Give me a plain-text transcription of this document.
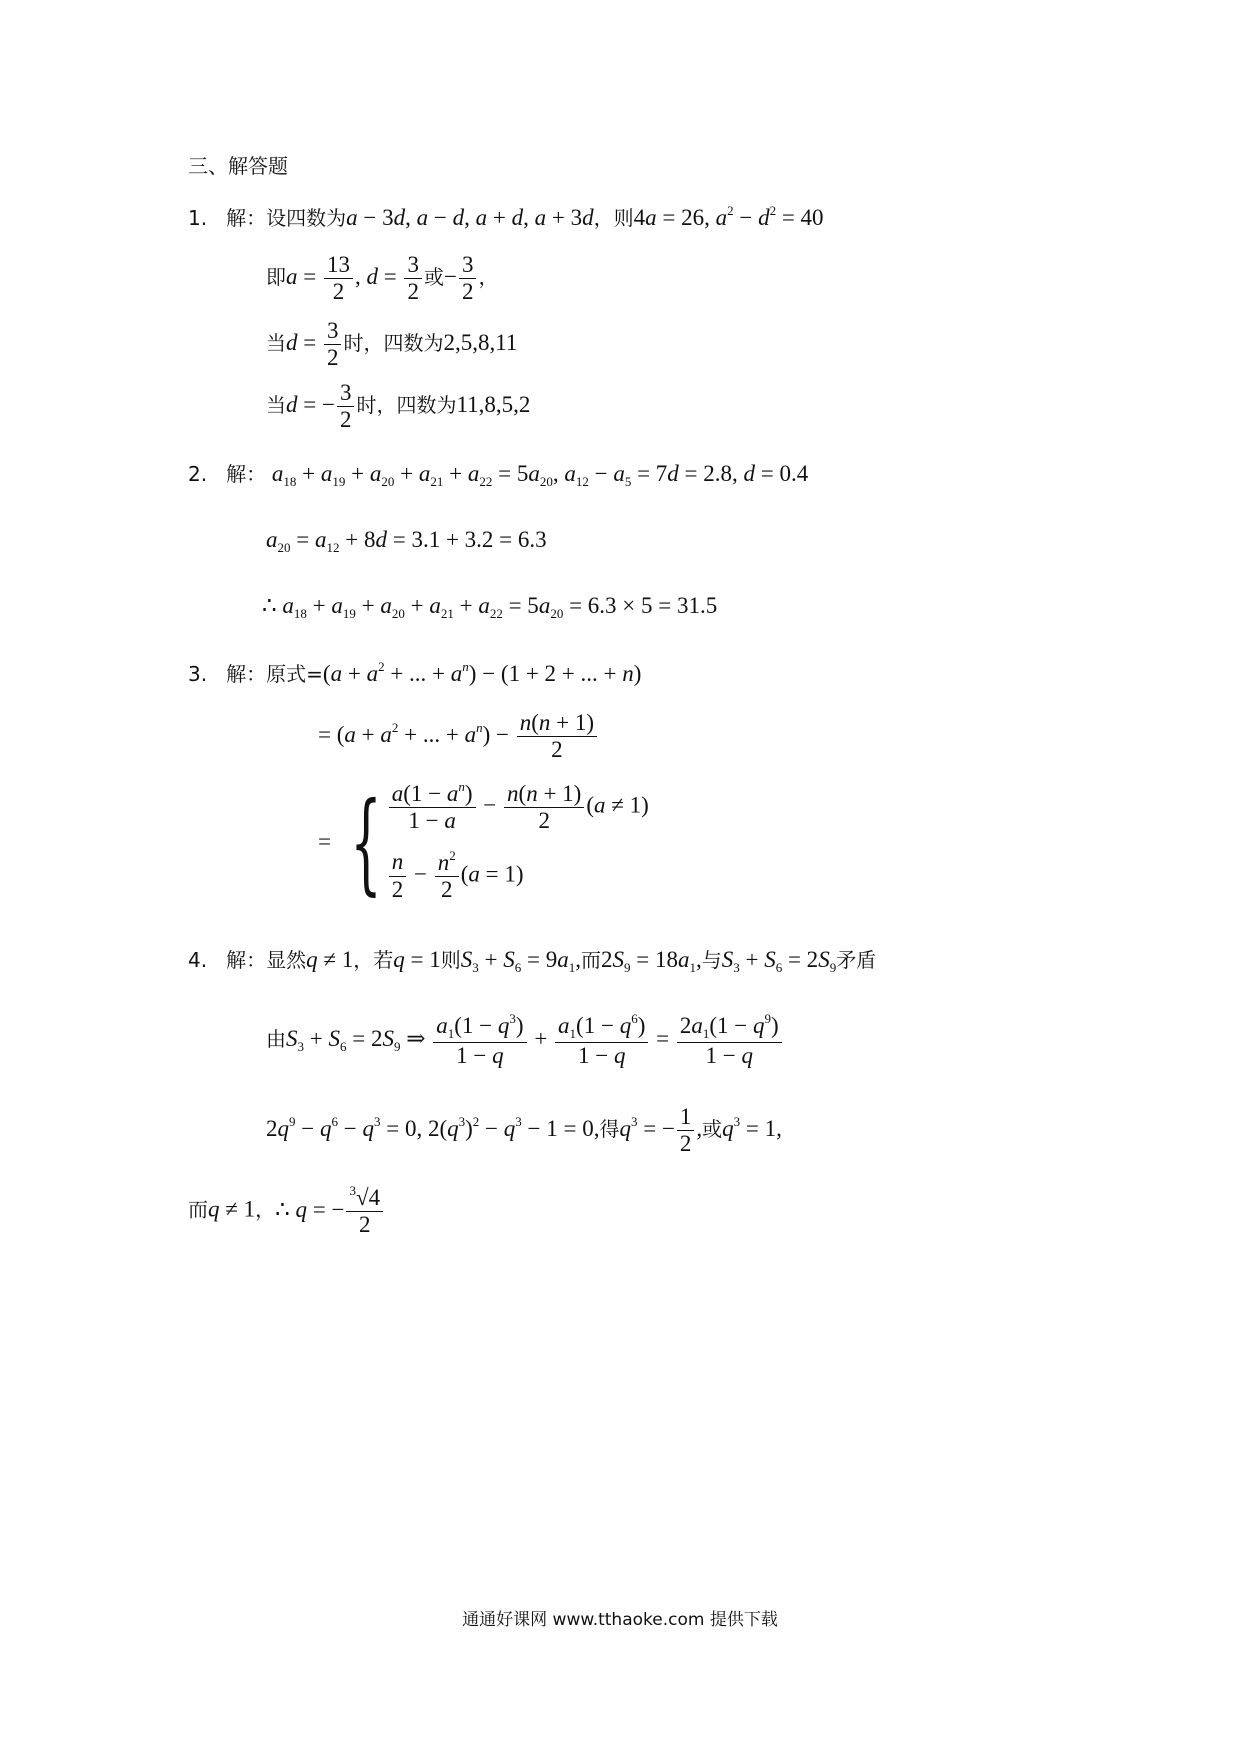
三、解答题
1.   解：设四数为a − 3d, a − d, a + d, a + 3d，则4a = 26, $a^2 - d^2 = 40$
即$a = \frac{13}{2}$ , $d = \frac{3}{2}$ 或− $\frac{3}{2}$ ，
当$d = \frac{3}{2}$ 时，四数为2,5,8,11
当d = − $\frac{3}{2}$ 时，四数为11,8,5,2
2.   解： $a_{18} + a_{19} + a_{20} + a_{21} + a_{22} = 5a_{20}$, $a_{12} - a_5 = 7d = 2.8$, d = 0.4
$a_{20} = a_{12} + 8d = 3.1 + 3.2 = 6.3$
∴ $a_{18} + a_{19} + a_{20} + a_{21} + a_{22} = 5a_{20} = 6.3 \times 5 = 31.5$
3.   解：原式$=(a + a^2$ + ... + $a^n) - (1 + 2$ + ... + n)
= ($a + a^2$ + ... + $a^n) - \frac{n(n + 1)}{2}$
= { $\frac{a(1 - a^n)}{1 - a} - \frac{n(n + 1)}{2} (a \ne 1)$
$\frac{n}{2} - \frac{n^2}{2} (a = 1)$
4.   解：显然q ≠ 1，若q = 1则$S_3 + S_6 = 9a_1$,而$2S_9 = 18a_1$,与$S_3 + S_6 = 2S_9$矛盾
由$S_3 + S_6 = 2S_9$ ⇒ $\frac{a_1(1 - q^3)}{1 - q} + \frac{a_1(1 - q^6)}{1 - q} = \frac{2a_1(1 - q^9)}{1 - q}$
$2q^9 - q^6 - q^3 = 0$, $2(q^3)^2 - q^3 - 1 = 0$,得$q^3$ = − $\frac{1}{2}$ ,或$q^3 = 1$,
而q ≠ 1，∴ q = − $\frac{^3√4}{2}$
通通好课网 www.tthaoke.com 提供下载
